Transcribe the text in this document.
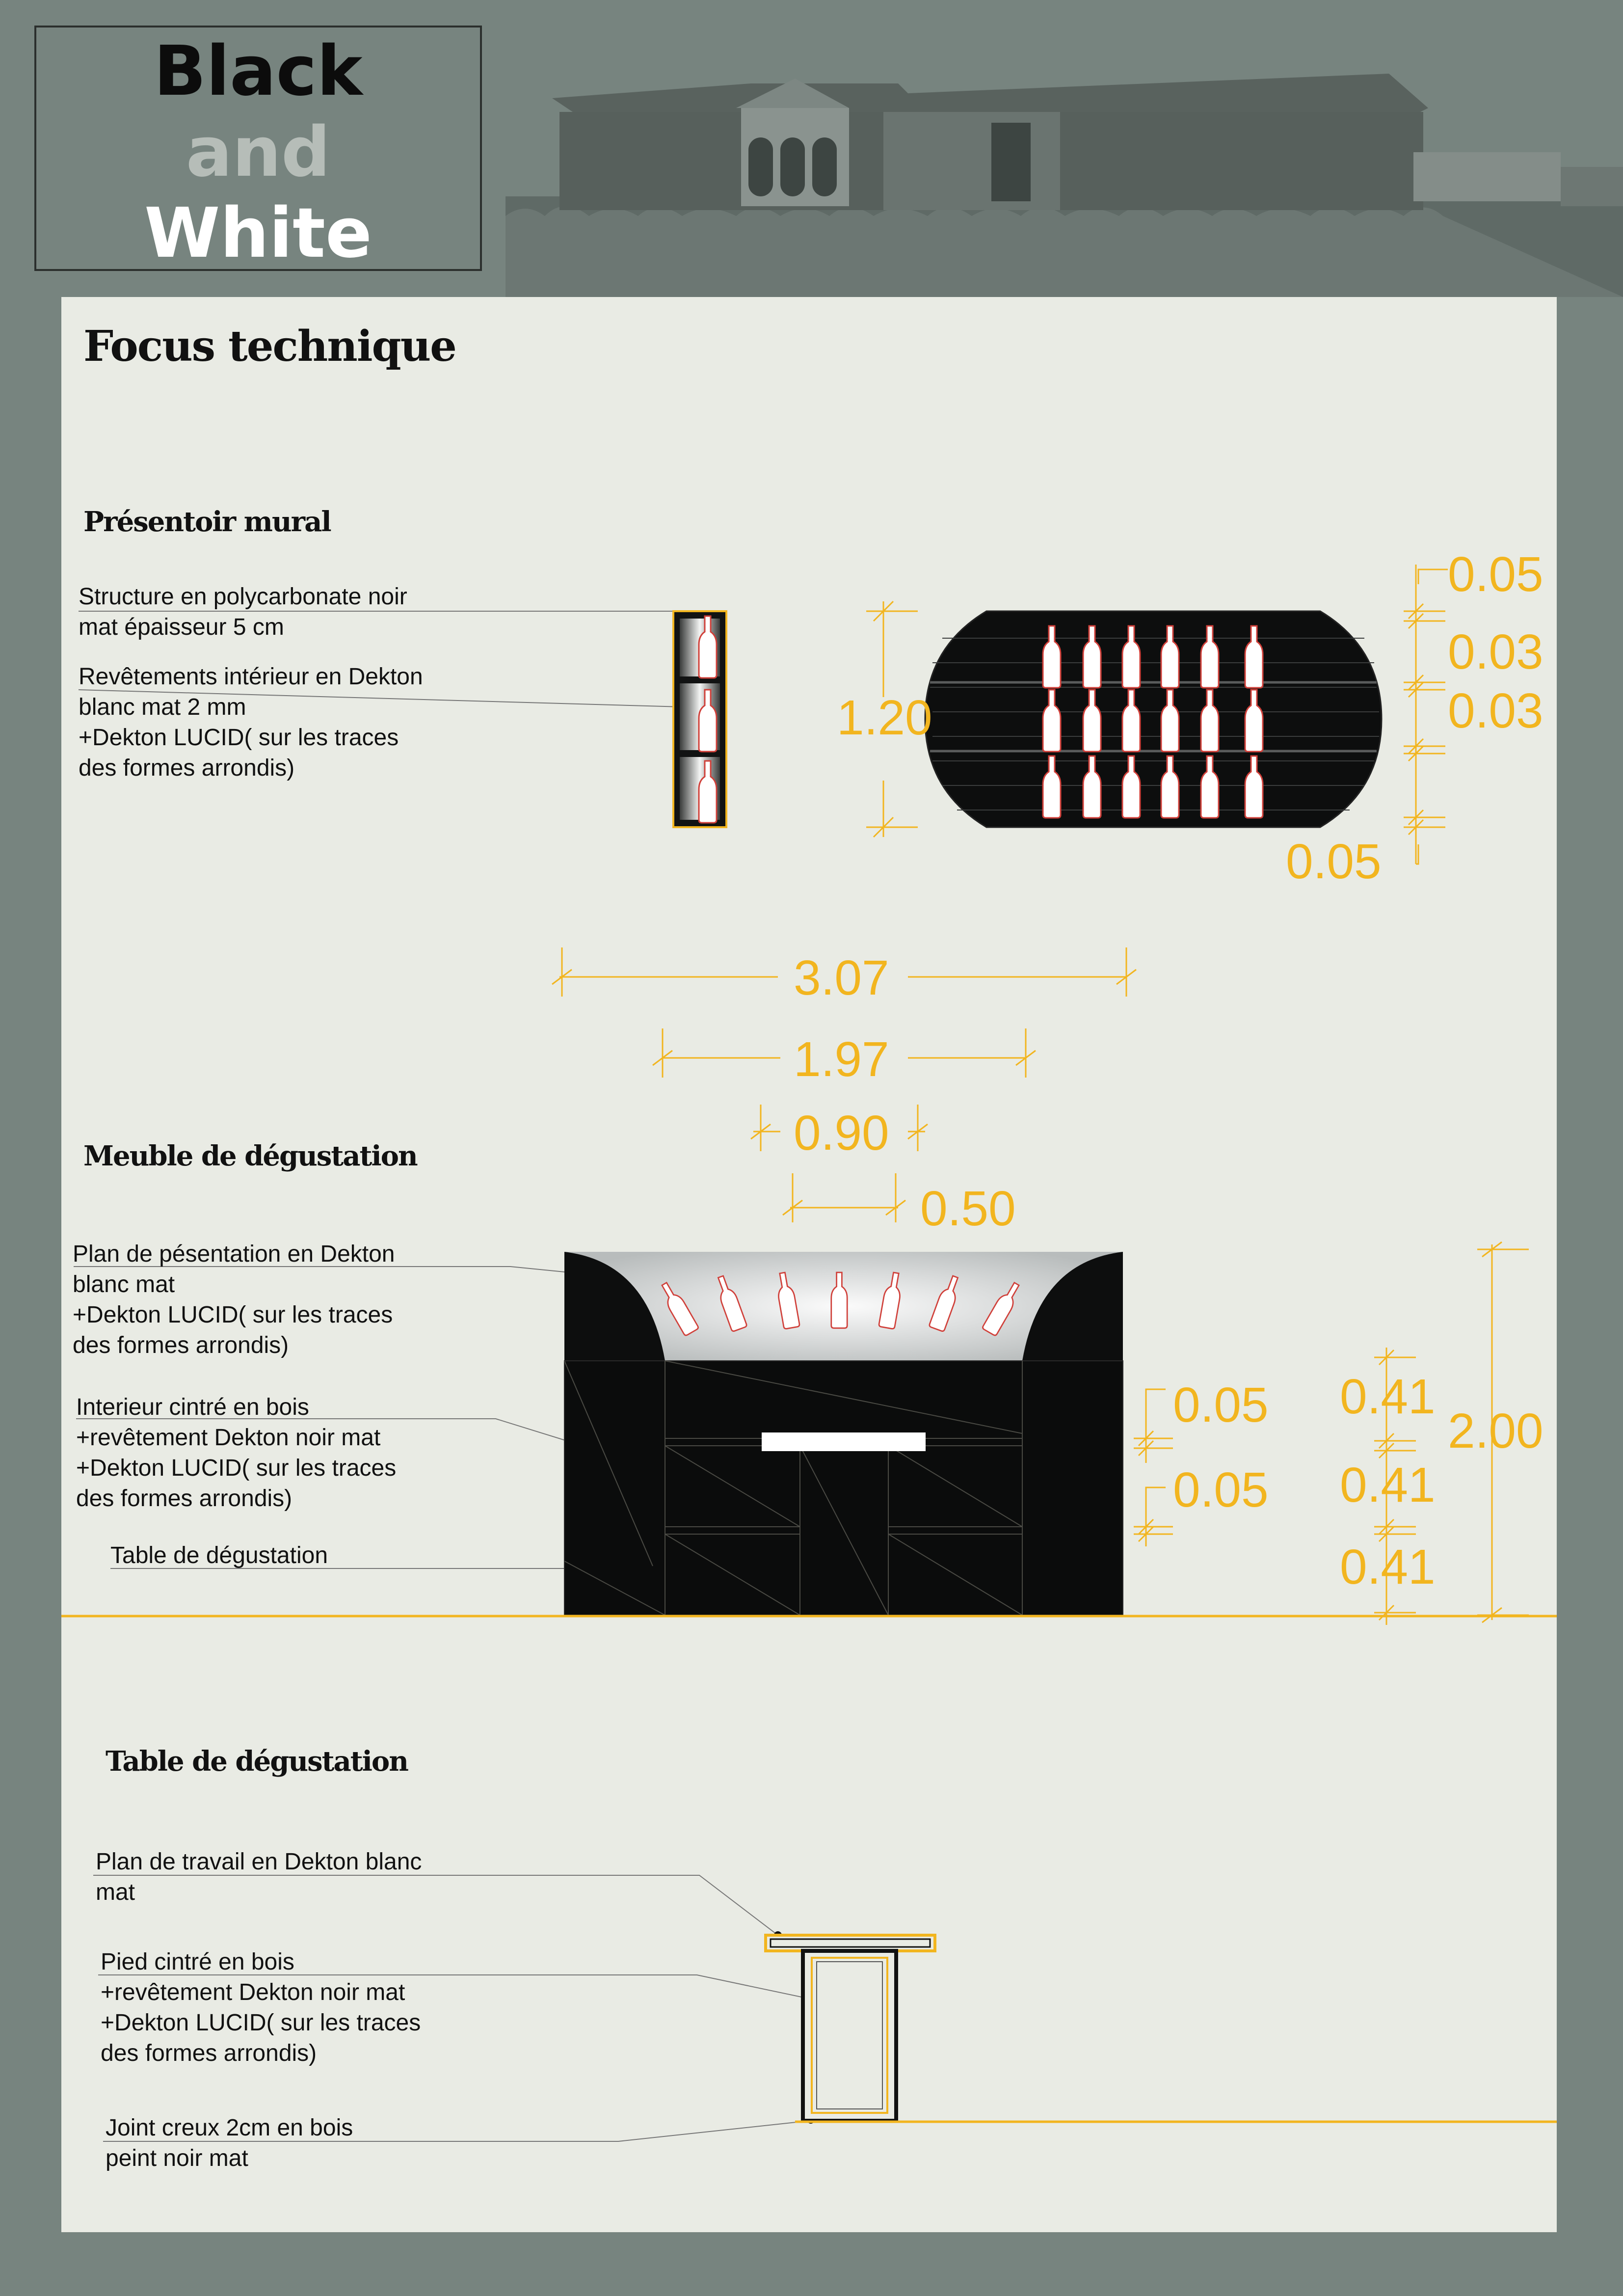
Black
and
White
Focus technique
Présentoir mural
Meuble de dégustation
Table de dégustation
Structure en polycarbonate noir
mat épaisseur 5 cm
Revêtements intérieur en Dekton
blanc mat 2 mm
+Dekton LUCID( sur les traces
des formes arrondis)
1.20
0.05
0.03
0.03
0.05
3.07
1.97
0.90
0.50
Plan de pésentation en Dekton
blanc mat
+Dekton LUCID( sur les traces
des formes arrondis)
Interieur cintré en bois
+revêtement Dekton noir mat
+Dekton LUCID( sur les traces
des formes arrondis)
Table de dégustation
0.05
0.05
0.41
0.41
0.41
2.00
Plan de travail en Dekton blanc
mat
Pied cintré en bois
+revêtement Dekton noir mat
+Dekton LUCID( sur les traces
des formes arrondis)
Joint creux 2cm en bois
peint noir mat
